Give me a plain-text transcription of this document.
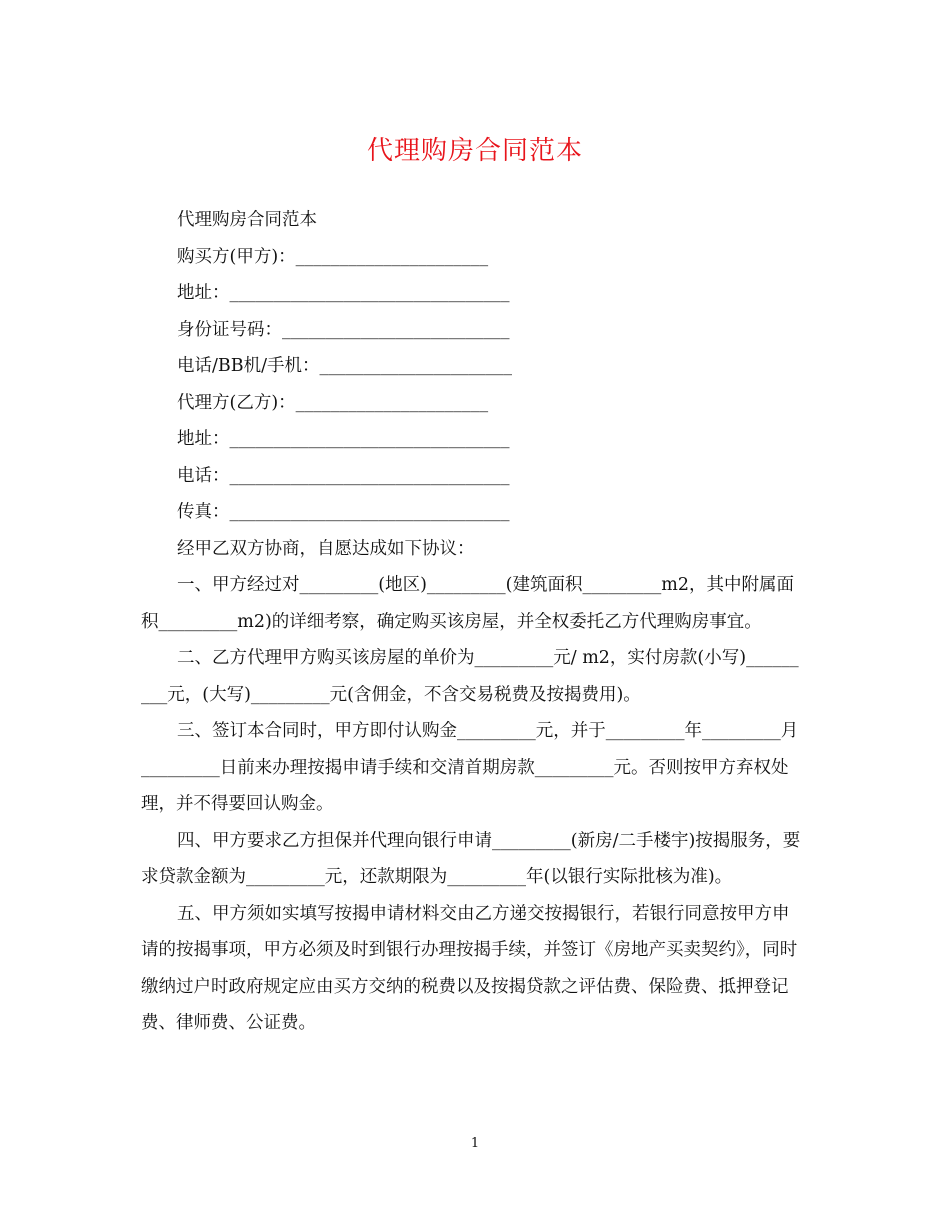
代理购房合同范本

代理购房合同范本

购买方(甲方)：______________________

地址：________________________________

身份证号码：__________________________

电话/BB机/手机：______________________

代理方(乙方)：______________________

地址：________________________________

电话：________________________________

传真：________________________________

经甲乙双方协商，自愿达成如下协议：

一、甲方经过对_________(地区)_________(建筑面积_________m2，其中附属面积_________m2)的详细考察，确定购买该房屋，并全权委托乙方代理购房事宜。

二、乙方代理甲方购买该房屋的单价为_________元/ m2，实付房款(小写)_________元，(大写)_________元(含佣金，不含交易税费及按揭费用)。

三、签订本合同时，甲方即付认购金_________元，并于_________年_________月_________日前来办理按揭申请手续和交清首期房款_________元。否则按甲方弃权处理，并不得要回认购金。

四、甲方要求乙方担保并代理向银行申请_________(新房/二手楼宇)按揭服务，要求贷款金额为_________元，还款期限为_________年(以银行实际批核为准)。

五、甲方须如实填写按揭申请材料交由乙方递交按揭银行，若银行同意按甲方申请的按揭事项，甲方必须及时到银行办理按揭手续，并签订《房地产买卖契约》，同时缴纳过户时政府规定应由买方交纳的税费以及按揭贷款之评估费、保险费、抵押登记费、律师费、公证费。

1
